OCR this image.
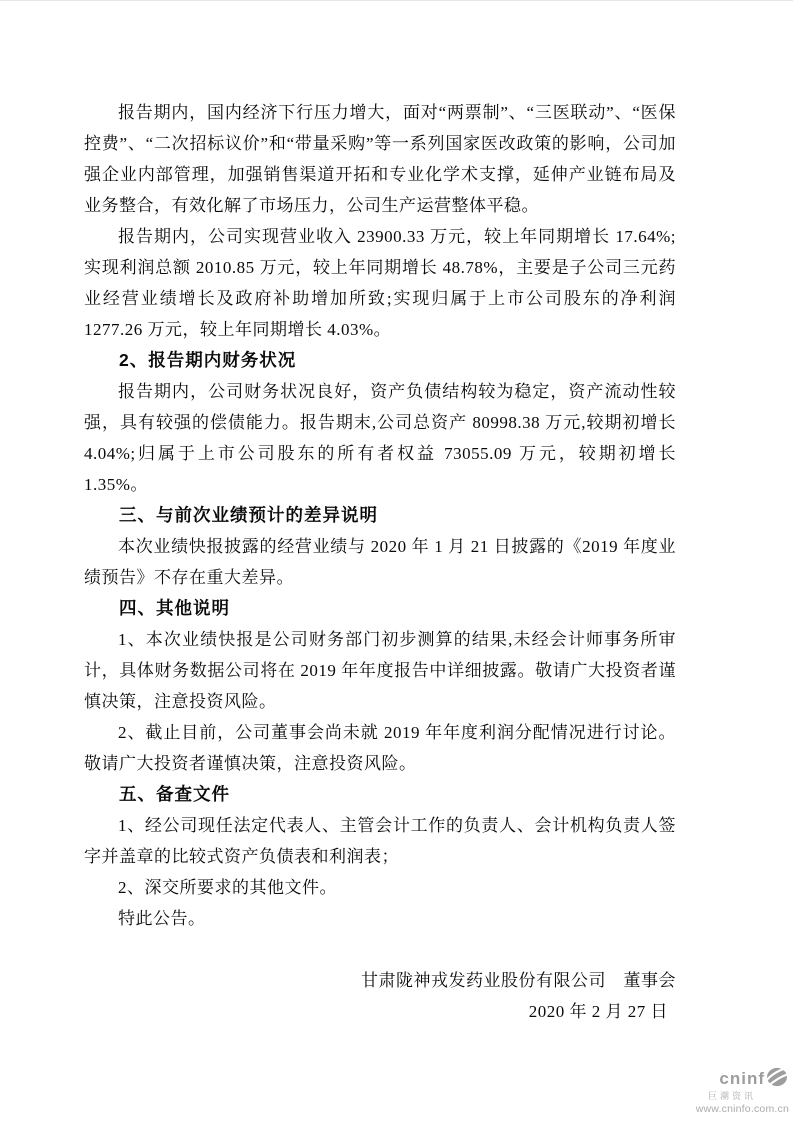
报告期内，国内经济下行压力增大，面对“两票制”、“三医联动”、“医保控费”、“二次招标议价”和“带量采购”等一系列国家医改政策的影响，公司加强企业内部管理，加强销售渠道开拓和专业化学术支撑，延伸产业链布局及业务整合，有效化解了市场压力，公司生产运营整体平稳。

报告期内，公司实现营业收入 23900.33 万元，较上年同期增长 17.64%;实现利润总额 2010.85 万元，较上年同期增长 48.78%，主要是子公司三元药业经营业绩增长及政府补助增加所致;实现归属于上市公司股东的净利润 1277.26 万元，较上年同期增长 4.03%。

2、报告期内财务状况

报告期内，公司财务状况良好，资产负债结构较为稳定，资产流动性较强，具有较强的偿债能力。报告期末,公司总资产 80998.38 万元,较期初增长 4.04%;归属于上市公司股东的所有者权益 73055.09 万元，较期初增长 1.35%。

三、与前次业绩预计的差异说明

本次业绩快报披露的经营业绩与 2020 年 1 月 21 日披露的《2019 年度业绩预告》不存在重大差异。

四、其他说明

1、本次业绩快报是公司财务部门初步测算的结果,未经会计师事务所审计，具体财务数据公司将在 2019 年年度报告中详细披露。敬请广大投资者谨慎决策，注意投资风险。

2、截止目前，公司董事会尚未就 2019 年年度利润分配情况进行讨论。敬请广大投资者谨慎决策，注意投资风险。

五、备查文件

1、经公司现任法定代表人、主管会计工作的负责人、会计机构负责人签字并盖章的比较式资产负债表和利润表；

2、深交所要求的其他文件。

特此公告。

甘肃陇神戎发药业股份有限公司　董事会

2020 年 2 月 27 日

cninf
巨潮资讯
www.cninfo.com.cn
